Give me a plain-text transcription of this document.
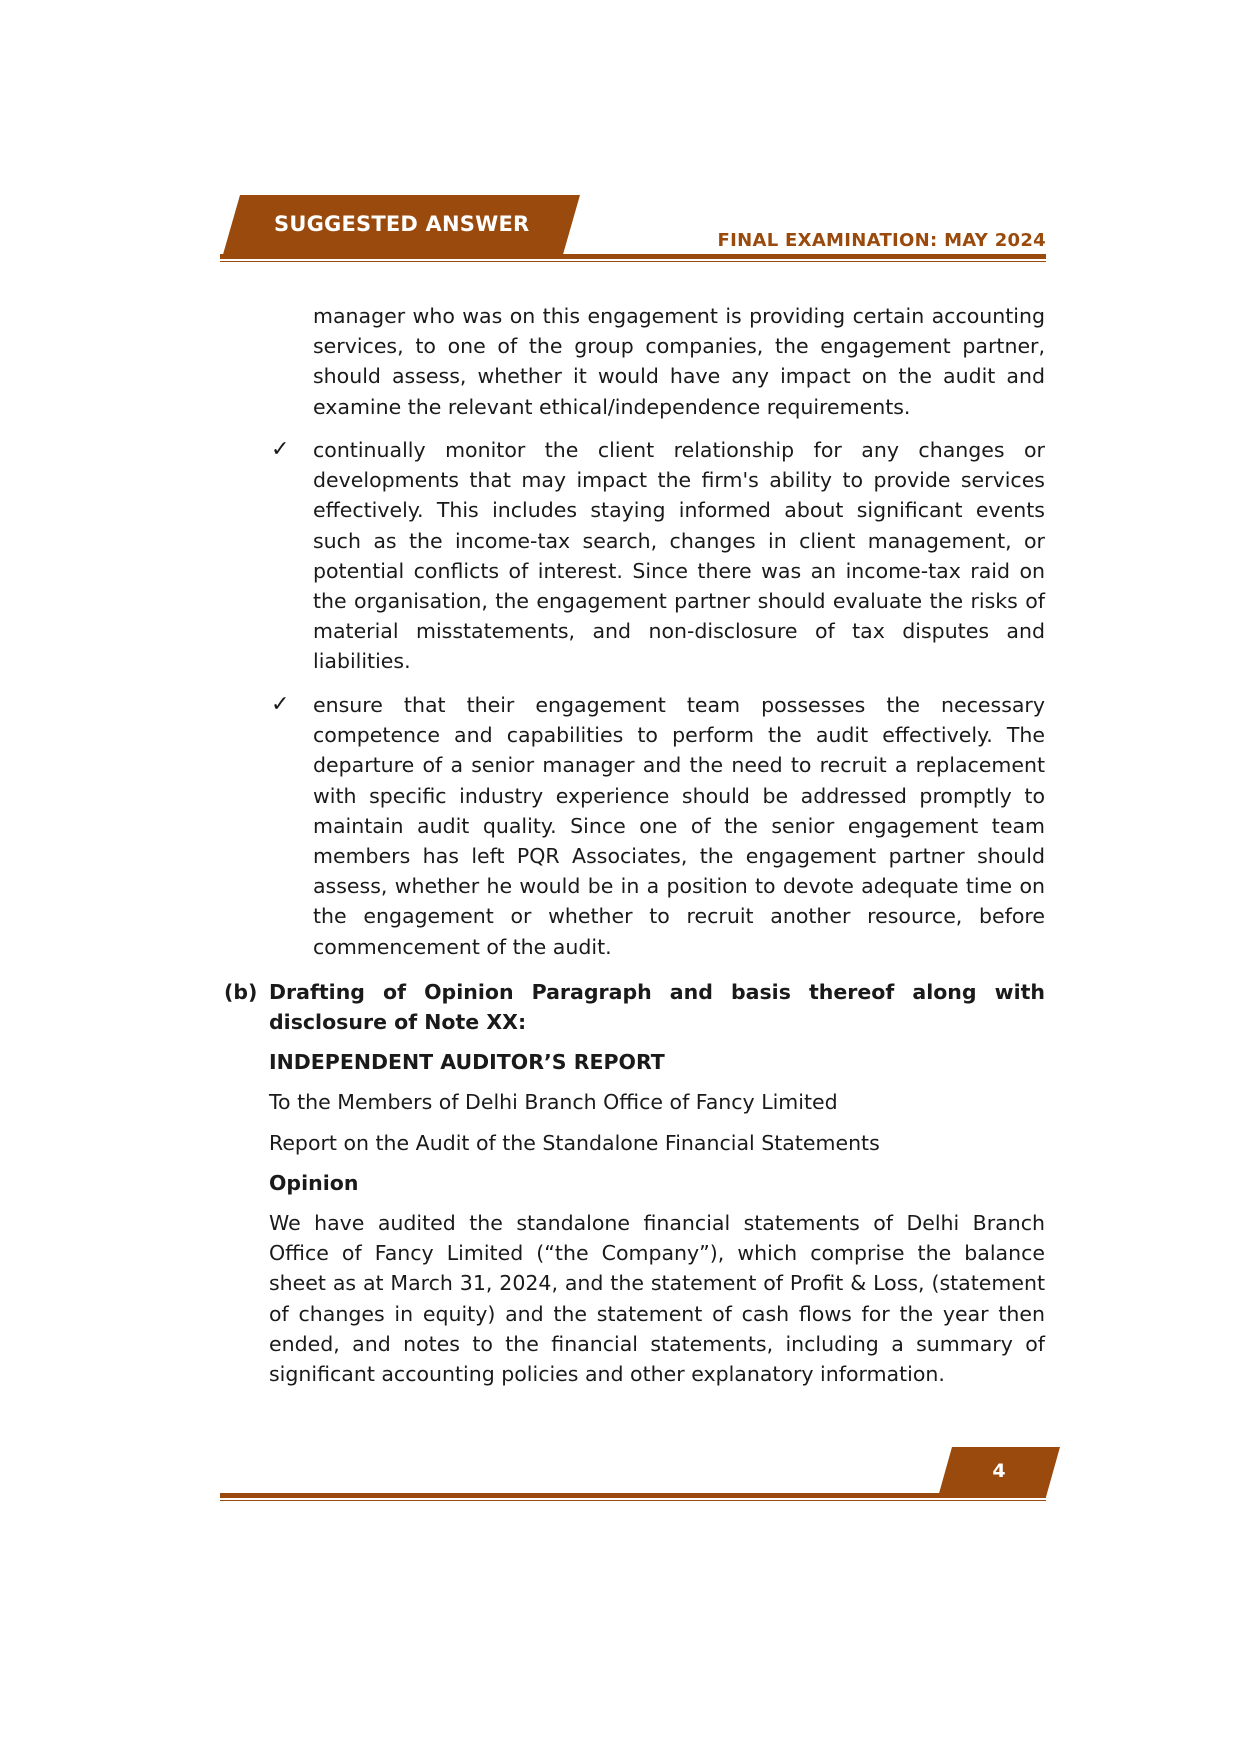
SUGGESTED ANSWER
FINAL EXAMINATION: MAY 2024
manager who was on this engagement is providing certain accounting services, to one of the group companies, the engagement partner, should assess, whether it would have any impact on the audit and examine the relevant ethical/independence requirements.
✓ continually monitor the client relationship for any changes or developments that may impact the firm's ability to provide services effectively. This includes staying informed about significant events such as the income-tax search, changes in client management, or potential conflicts of interest. Since there was an income-tax raid on the organisation, the engagement partner should evaluate the risks of material misstatements, and non-disclosure of tax disputes and liabilities.
✓ ensure that their engagement team possesses the necessary competence and capabilities to perform the audit effectively. The departure of a senior manager and the need to recruit a replacement with specific industry experience should be addressed promptly to maintain audit quality. Since one of the senior engagement team members has left PQR Associates, the engagement partner should assess, whether he would be in a position to devote adequate time on the engagement or whether to recruit another resource, before commencement of the audit.
(b) Drafting of Opinion Paragraph and basis thereof along with disclosure of Note XX:
INDEPENDENT AUDITOR’S REPORT
To the Members of Delhi Branch Office of Fancy Limited
Report on the Audit of the Standalone Financial Statements
Opinion
We have audited the standalone financial statements of Delhi Branch Office of Fancy Limited (“the Company”), which comprise the balance sheet as at March 31, 2024, and the statement of Profit & Loss, (statement of changes in equity) and the statement of cash flows for the year then ended, and notes to the financial statements, including a summary of significant accounting policies and other explanatory information.
4
